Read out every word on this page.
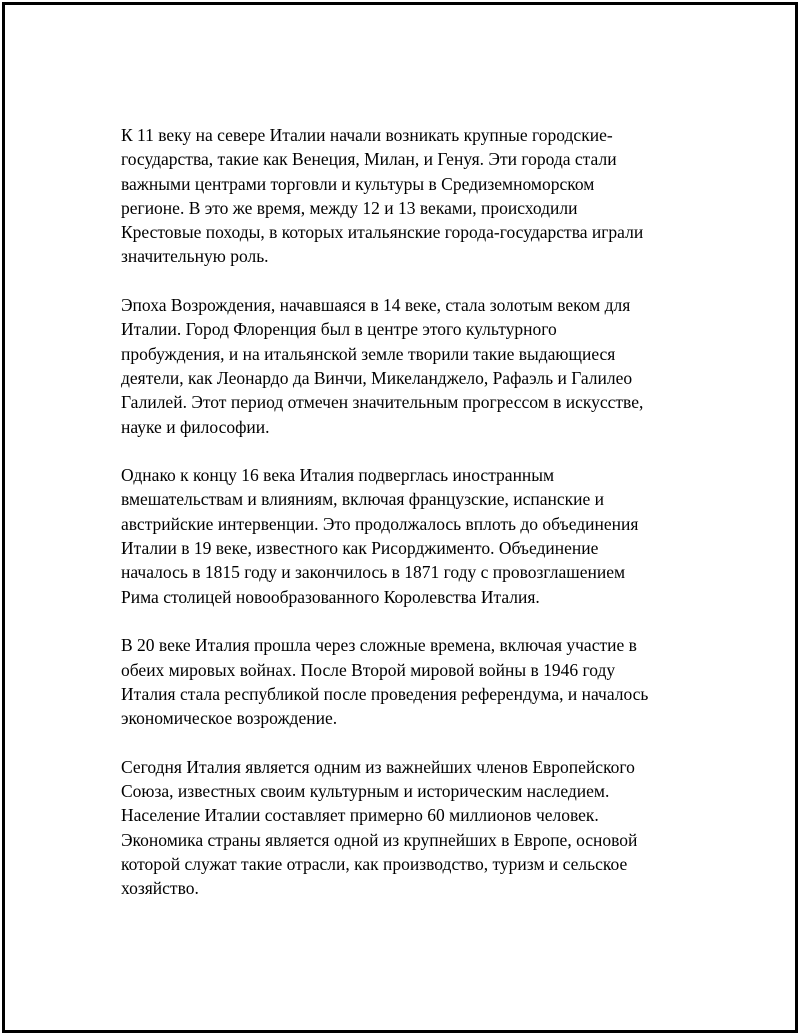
К 11 веку на севере Италии начали возникать крупные городские-
государства, такие как Венеция, Милан, и Генуя. Эти города стали
важными центрами торговли и культуры в Средиземноморском
регионе. В это же время, между 12 и 13 веками, происходили
Крестовые походы, в которых итальянские города-государства играли
значительную роль.

Эпоха Возрождения, начавшаяся в 14 веке, стала золотым веком для
Италии. Город Флоренция был в центре этого культурного
пробуждения, и на итальянской земле творили такие выдающиеся
деятели, как Леонардо да Винчи, Микеланджело, Рафаэль и Галилео
Галилей. Этот период отмечен значительным прогрессом в искусстве,
науке и философии.

Однако к концу 16 века Италия подверглась иностранным
вмешательствам и влияниям, включая французские, испанские и
австрийские интервенции. Это продолжалось вплоть до объединения
Италии в 19 веке, известного как Рисорджименто. Объединение
началось в 1815 году и закончилось в 1871 году с провозглашением
Рима столицей новообразованного Королевства Италия.

В 20 веке Италия прошла через сложные времена, включая участие в
обеих мировых войнах. После Второй мировой войны в 1946 году
Италия стала республикой после проведения референдума, и началось
экономическое возрождение.

Сегодня Италия является одним из важнейших членов Европейского
Союза, известных своим культурным и историческим наследием.
Население Италии составляет примерно 60 миллионов человек.
Экономика страны является одной из крупнейших в Европе, основой
которой служат такие отрасли, как производство, туризм и сельское
хозяйство.
